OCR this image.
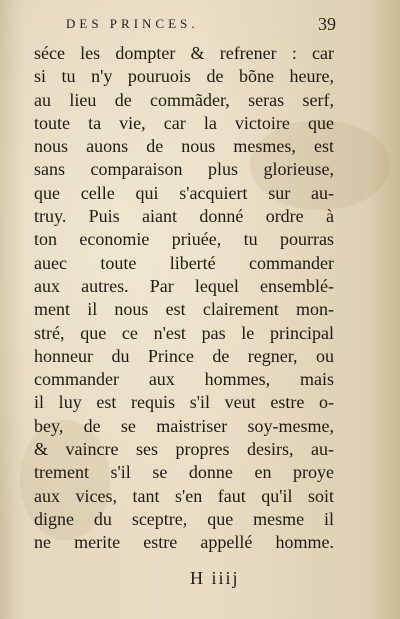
DES PRINCES.	39
séce les dompter & refrener : car
si tu n'y pouruois de bõne heure,
au lieu de commãder, seras serf,
toute ta vie, car la victoire que
nous auons de nous mesmes, est
sans comparaison plus glorieuse,
que celle qui s'acquiert sur au-
truy. Puis aiant donné ordre à
ton economie priuée, tu pourras
auec toute liberté commander
aux autres. Par lequel ensemblé-
ment il nous est clairement mon-
stré, que ce n'est pas le principal
honneur du Prince de regner, ou
commander aux hommes, mais
il luy est requis s'il veut estre o-
bey, de se maistriser soy-mesme,
& vaincre ses propres desirs, au-
trement s'il se donne en proye
aux vices, tant s'en faut qu'il soit
digne du sceptre, que mesme il
ne merite estre appellé homme.
H iiij
